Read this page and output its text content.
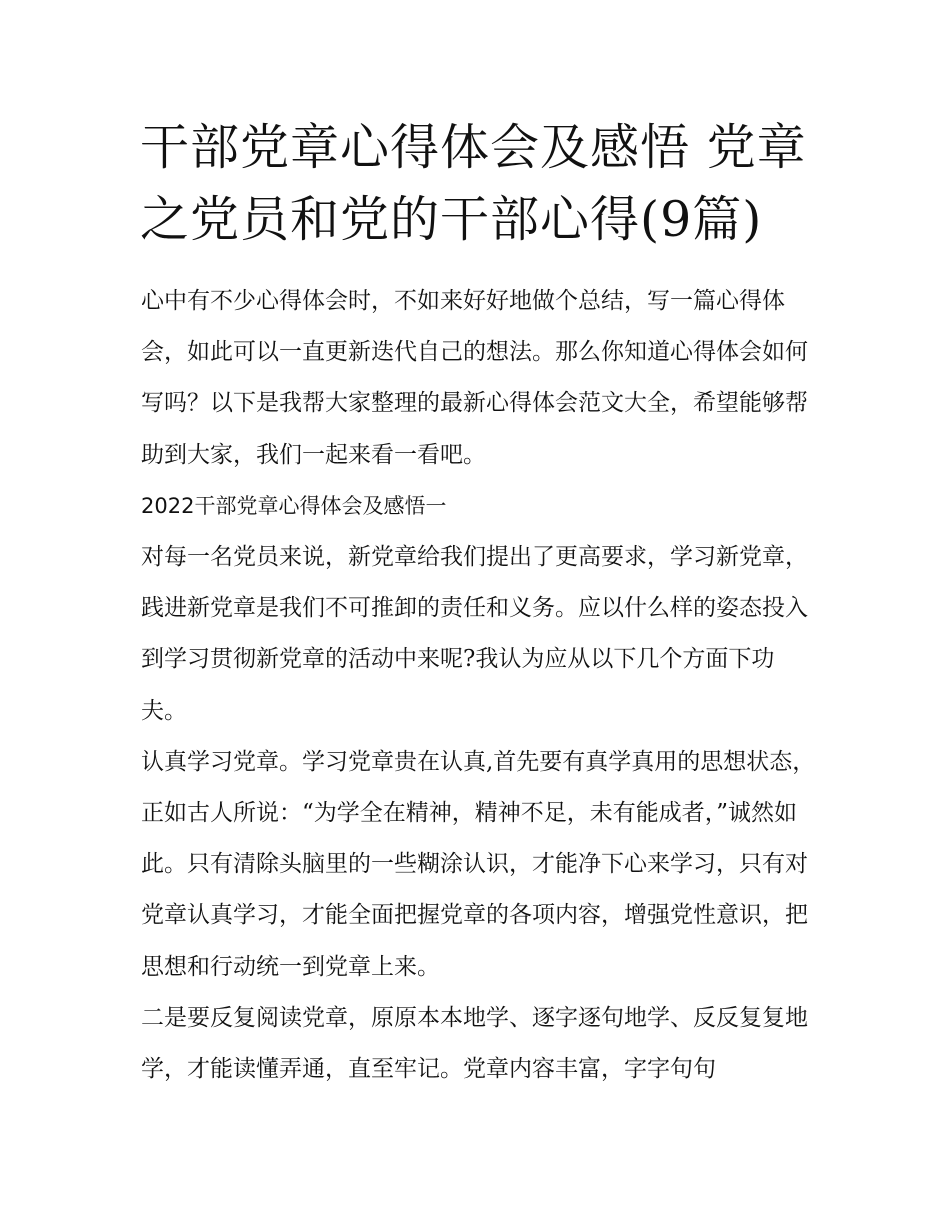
干部党章心得体会及感悟 党章之党员和党的干部心得(9篇)

心中有不少心得体会时，不如来好好地做个总结，写一篇心得体会，如此可以一直更新迭代自己的想法。那么你知道心得体会如何写吗？以下是我帮大家整理的最新心得体会范文大全，希望能够帮助到大家，我们一起来看一看吧。

2022干部党章心得体会及感悟一

对每一名党员来说，新党章给我们提出了更高要求，学习新党章，践进新党章是我们不可推卸的责任和义务。应以什么样的姿态投入到学习贯彻新党章的活动中来呢?我认为应从以下几个方面下功夫。

认真学习党章。学习党章贵在认真,首先要有真学真用的思想状态，正如古人所说：“为学全在精神，精神不足，未有能成者，”诚然如此。只有清除头脑里的一些糊涂认识，才能净下心来学习，只有对党章认真学习，才能全面把握党章的各项内容，增强党性意识，把思想和行动统一到党章上来。

二是要反复阅读党章，原原本本地学、逐字逐句地学、反反复复地学，才能读懂弄通，直至牢记。党章内容丰富，字字句句
